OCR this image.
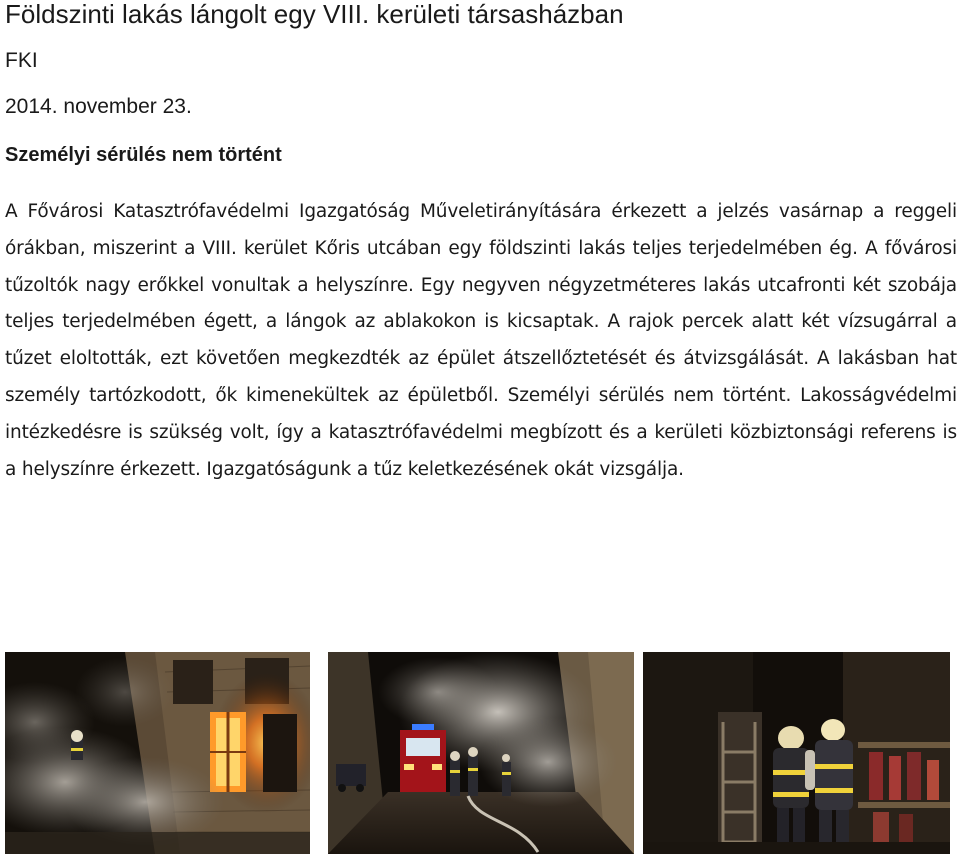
Földszinti lakás lángolt egy VIII. kerületi társasházban

FKI

2014. november 23.

Személyi sérülés nem történt

A Fővárosi Katasztrófavédelmi Igazgatóság Műveletirányítására érkezett a jelzés vasárnap a reggeli órákban, miszerint a VIII. kerület Kőris utcában egy földszinti lakás teljes terjedelmében ég. A fővárosi tűzoltók nagy erőkkel vonultak a helyszínre. Egy negyven négyzetméteres lakás utcafronti két szobája teljes terjedelmében égett, a lángok az ablakokon is kicsaptak. A rajok percek alatt két vízsugárral a tűzet eloltották, ezt követően megkezdték az épület átszellőztetését és átvizsgálását. A lakásban hat személy tartózkodott, ők kimenekültek az épületből. Személyi sérülés nem történt. Lakosságvédelmi intézkedésre is szükség volt, így a katasztrófavédelmi megbízott és a kerületi közbiztonsági referens is a helyszínre érkezett. Igazgatóságunk a tűz keletkezésének okát vizsgálja.
